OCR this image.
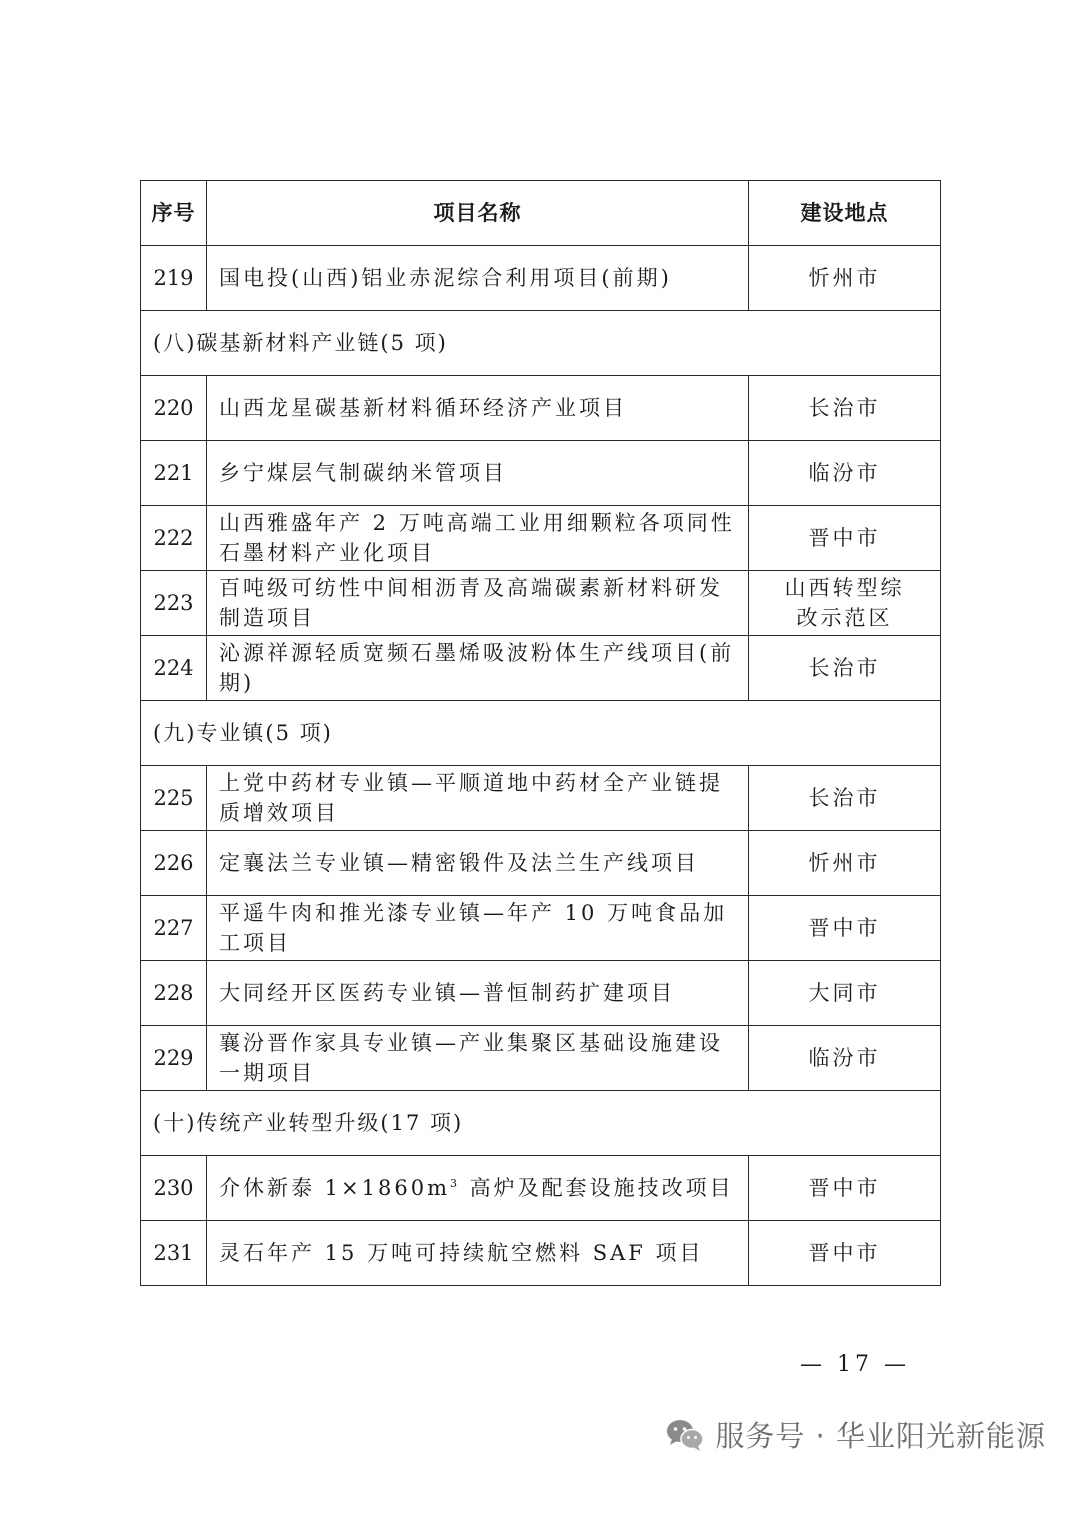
序号	项目名称	建设地点
219	国电投(山西)铝业赤泥综合利用项目(前期)	忻州市
(八)碳基新材料产业链(5 项)		
220	山西龙星碳基新材料循环经济产业项目	长治市
221	乡宁煤层气制碳纳米管项目	临汾市
222	山西雅盛年产 2 万吨高端工业用细颗粒各项同性石墨材料产业化项目	晋中市
223	百吨级可纺性中间相沥青及高端碳素新材料研发制造项目	山西转型综改示范区
224	沁源祥源轻质宽频石墨烯吸波粉体生产线项目(前期)	长治市
(九)专业镇(5 项)		
225	上党中药材专业镇—平顺道地中药材全产业链提质增效项目	长治市
226	定襄法兰专业镇—精密锻件及法兰生产线项目	忻州市
227	平遥牛肉和推光漆专业镇—年产 10 万吨食品加工项目	晋中市
228	大同经开区医药专业镇—普恒制药扩建项目	大同市
229	襄汾晋作家具专业镇—产业集聚区基础设施建设一期项目	临汾市
(十)传统产业转型升级(17 项)		
230	介休新泰 $1\times 1860m^3$ 高炉及配套设施技改项目	晋中市
231	灵石年产 15 万吨可持续航空燃料 SAF 项目	晋中市
— 17 —
服务号 · 华业阳光新能源
